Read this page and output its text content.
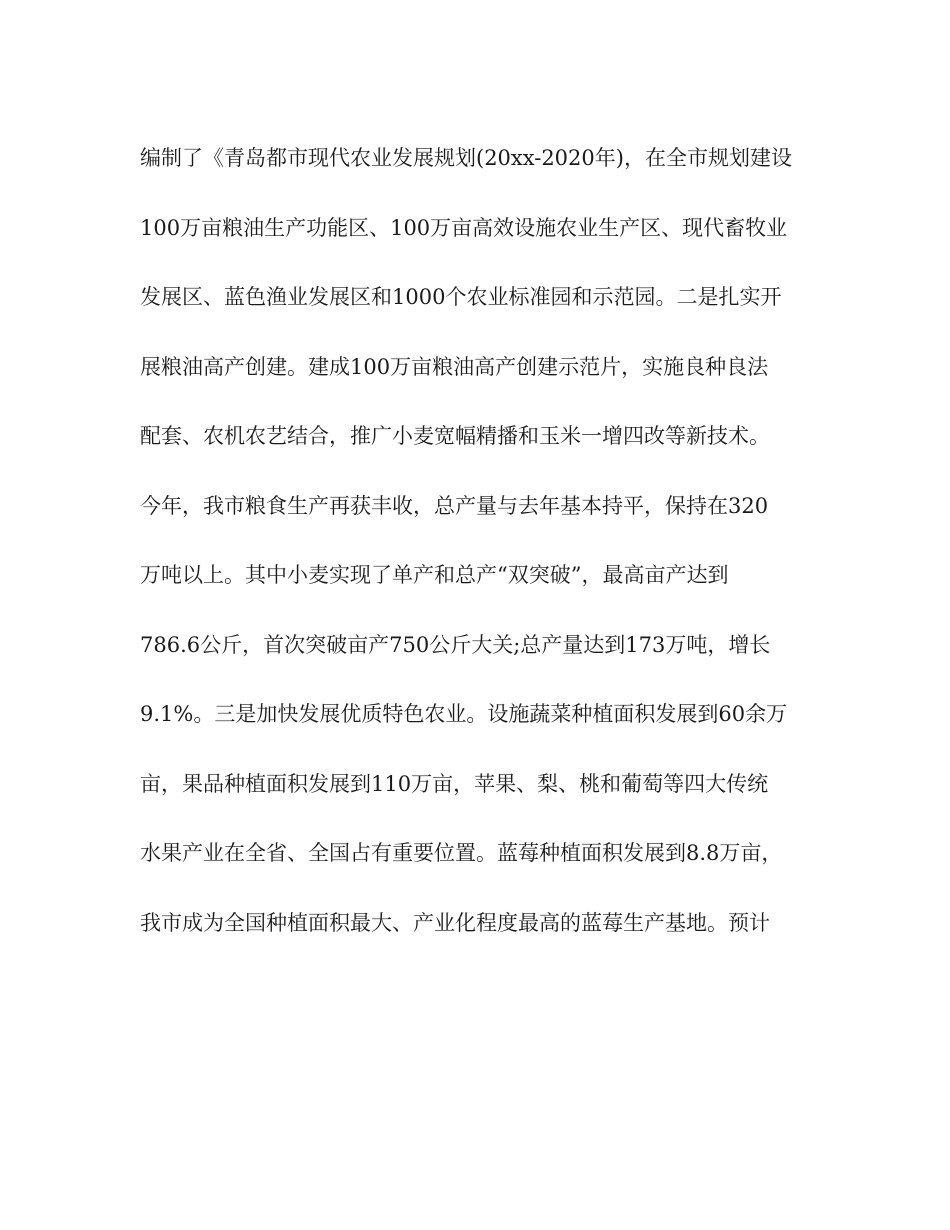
编制了《青岛都市现代农业发展规划(20xx-2020年)，在全市规划建设
100万亩粮油生产功能区、100万亩高效设施农业生产区、现代畜牧业
发展区、蓝色渔业发展区和1000个农业标准园和示范园。二是扎实开
展粮油高产创建。建成100万亩粮油高产创建示范片，实施良种良法
配套、农机农艺结合，推广小麦宽幅精播和玉米一增四改等新技术。
今年，我市粮食生产再获丰收，总产量与去年基本持平，保持在320
万吨以上。其中小麦实现了单产和总产“双突破”，最高亩产达到
786.6公斤，首次突破亩产750公斤大关;总产量达到173万吨，增长
9.1%。三是加快发展优质特色农业。设施蔬菜种植面积发展到60余万
亩，果品种植面积发展到110万亩，苹果、梨、桃和葡萄等四大传统
水果产业在全省、全国占有重要位置。蓝莓种植面积发展到8.8万亩，
我市成为全国种植面积最大、产业化程度最高的蓝莓生产基地。预计
